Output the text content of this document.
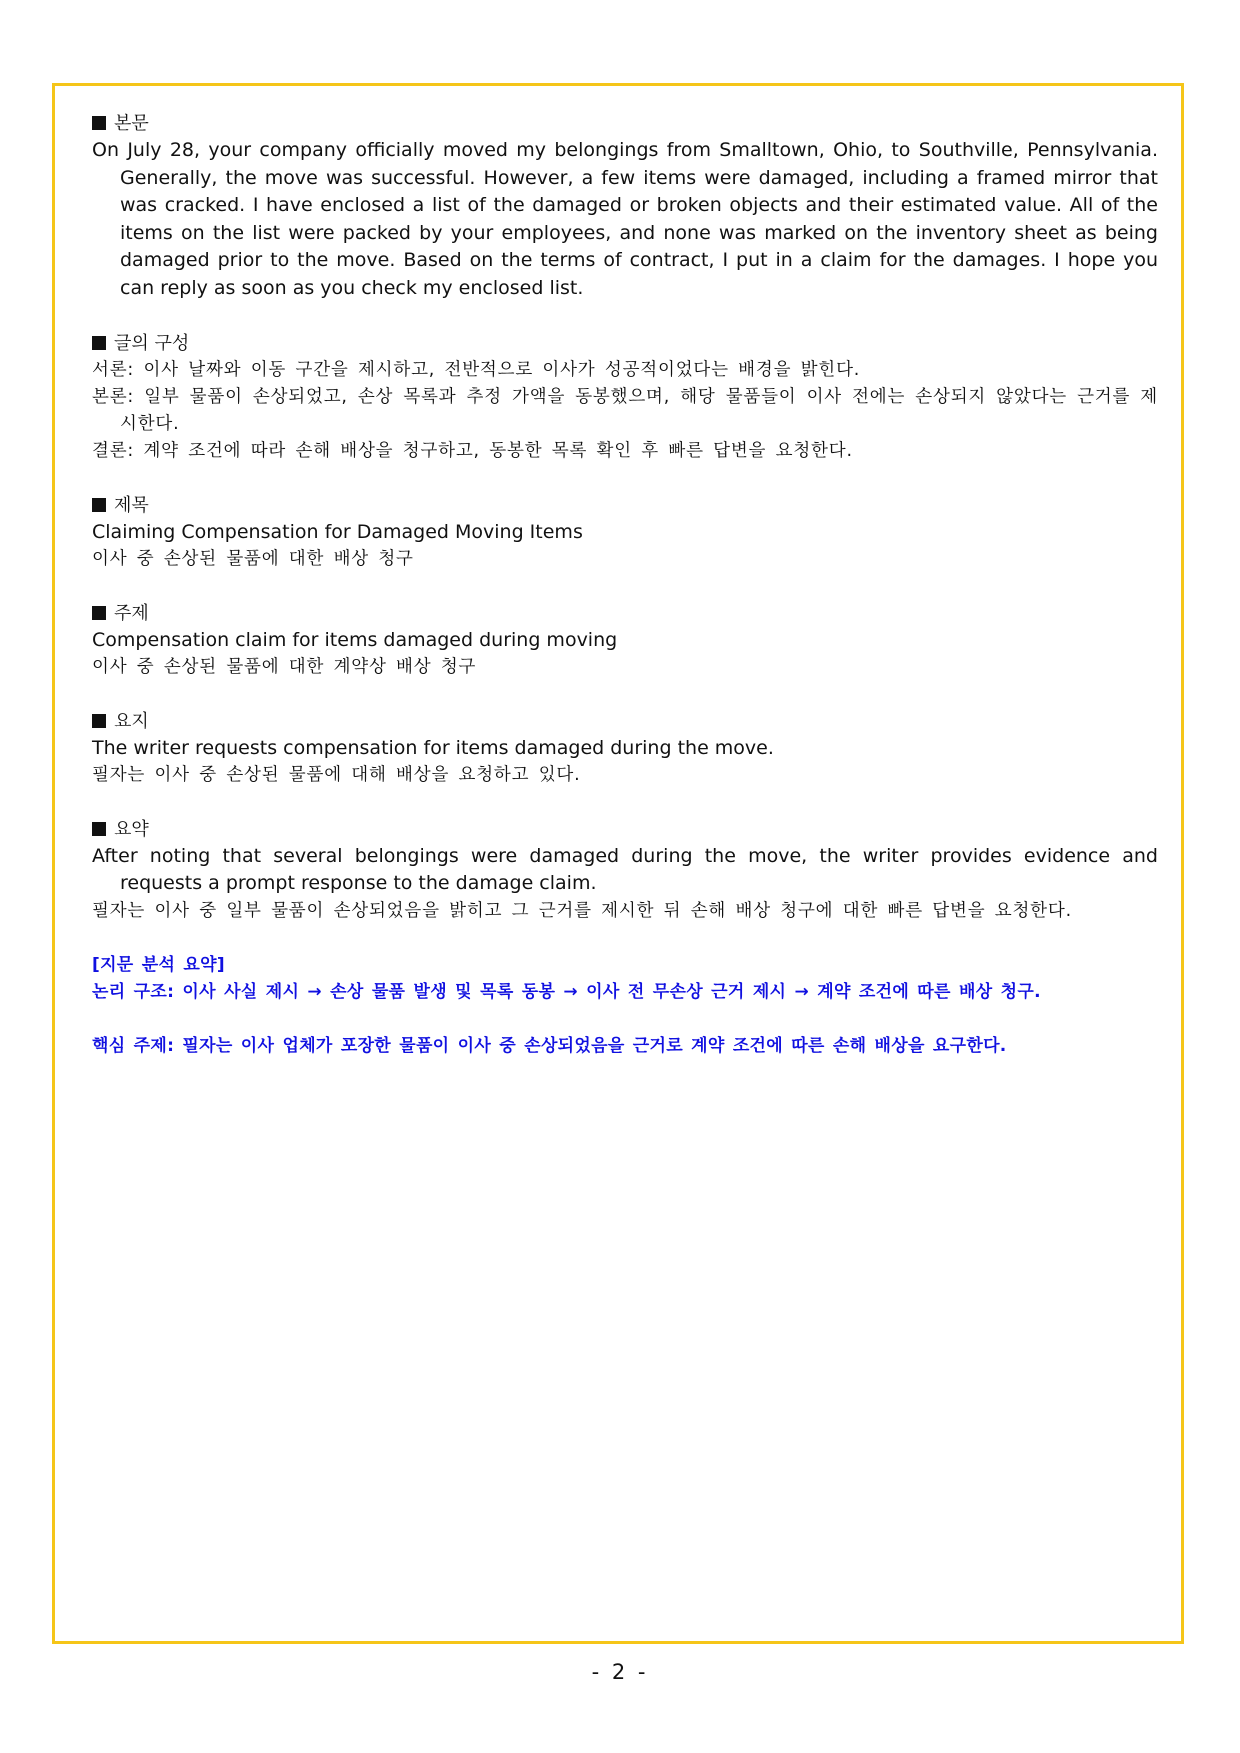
본문
On July 28, your company officially moved my belongings from Smalltown, Ohio, to Southville, Pennsylvania. Generally, the move was successful. However, a few items were damaged, including a framed mirror that was cracked. I have enclosed a list of the damaged or broken objects and their estimated value. All of the items on the list were packed by your employees, and none was marked on the inventory sheet as being damaged prior to the move. Based on the terms of contract, I put in a claim for the damages. I hope you can reply as soon as you check my enclosed list.
글의 구성
서론: 이사 날짜와 이동 구간을 제시하고, 전반적으로 이사가 성공적이었다는 배경을 밝힌다.
본론: 일부 물품이 손상되었고, 손상 목록과 추정 가액을 동봉했으며, 해당 물품들이 이사 전에는 손상되지 않았다는 근거를 제시한다.
결론: 계약 조건에 따라 손해 배상을 청구하고, 동봉한 목록 확인 후 빠른 답변을 요청한다.
제목
Claiming Compensation for Damaged Moving Items
이사 중 손상된 물품에 대한 배상 청구
주제
Compensation claim for items damaged during moving
이사 중 손상된 물품에 대한 계약상 배상 청구
요지
The writer requests compensation for items damaged during the move.
필자는 이사 중 손상된 물품에 대해 배상을 요청하고 있다.
요약
After noting that several belongings were damaged during the move, the writer provides evidence and requests a prompt response to the damage claim.
필자는 이사 중 일부 물품이 손상되었음을 밝히고 그 근거를 제시한 뒤 손해 배상 청구에 대한 빠른 답변을 요청한다.
[지문 분석 요약]
논리 구조: 이사 사실 제시 → 손상 물품 발생 및 목록 동봉 → 이사 전 무손상 근거 제시 → 계약 조건에 따른 배상 청구.
핵심 주제: 필자는 이사 업체가 포장한 물품이 이사 중 손상되었음을 근거로 계약 조건에 따른 손해 배상을 요구한다.
- 2 -
